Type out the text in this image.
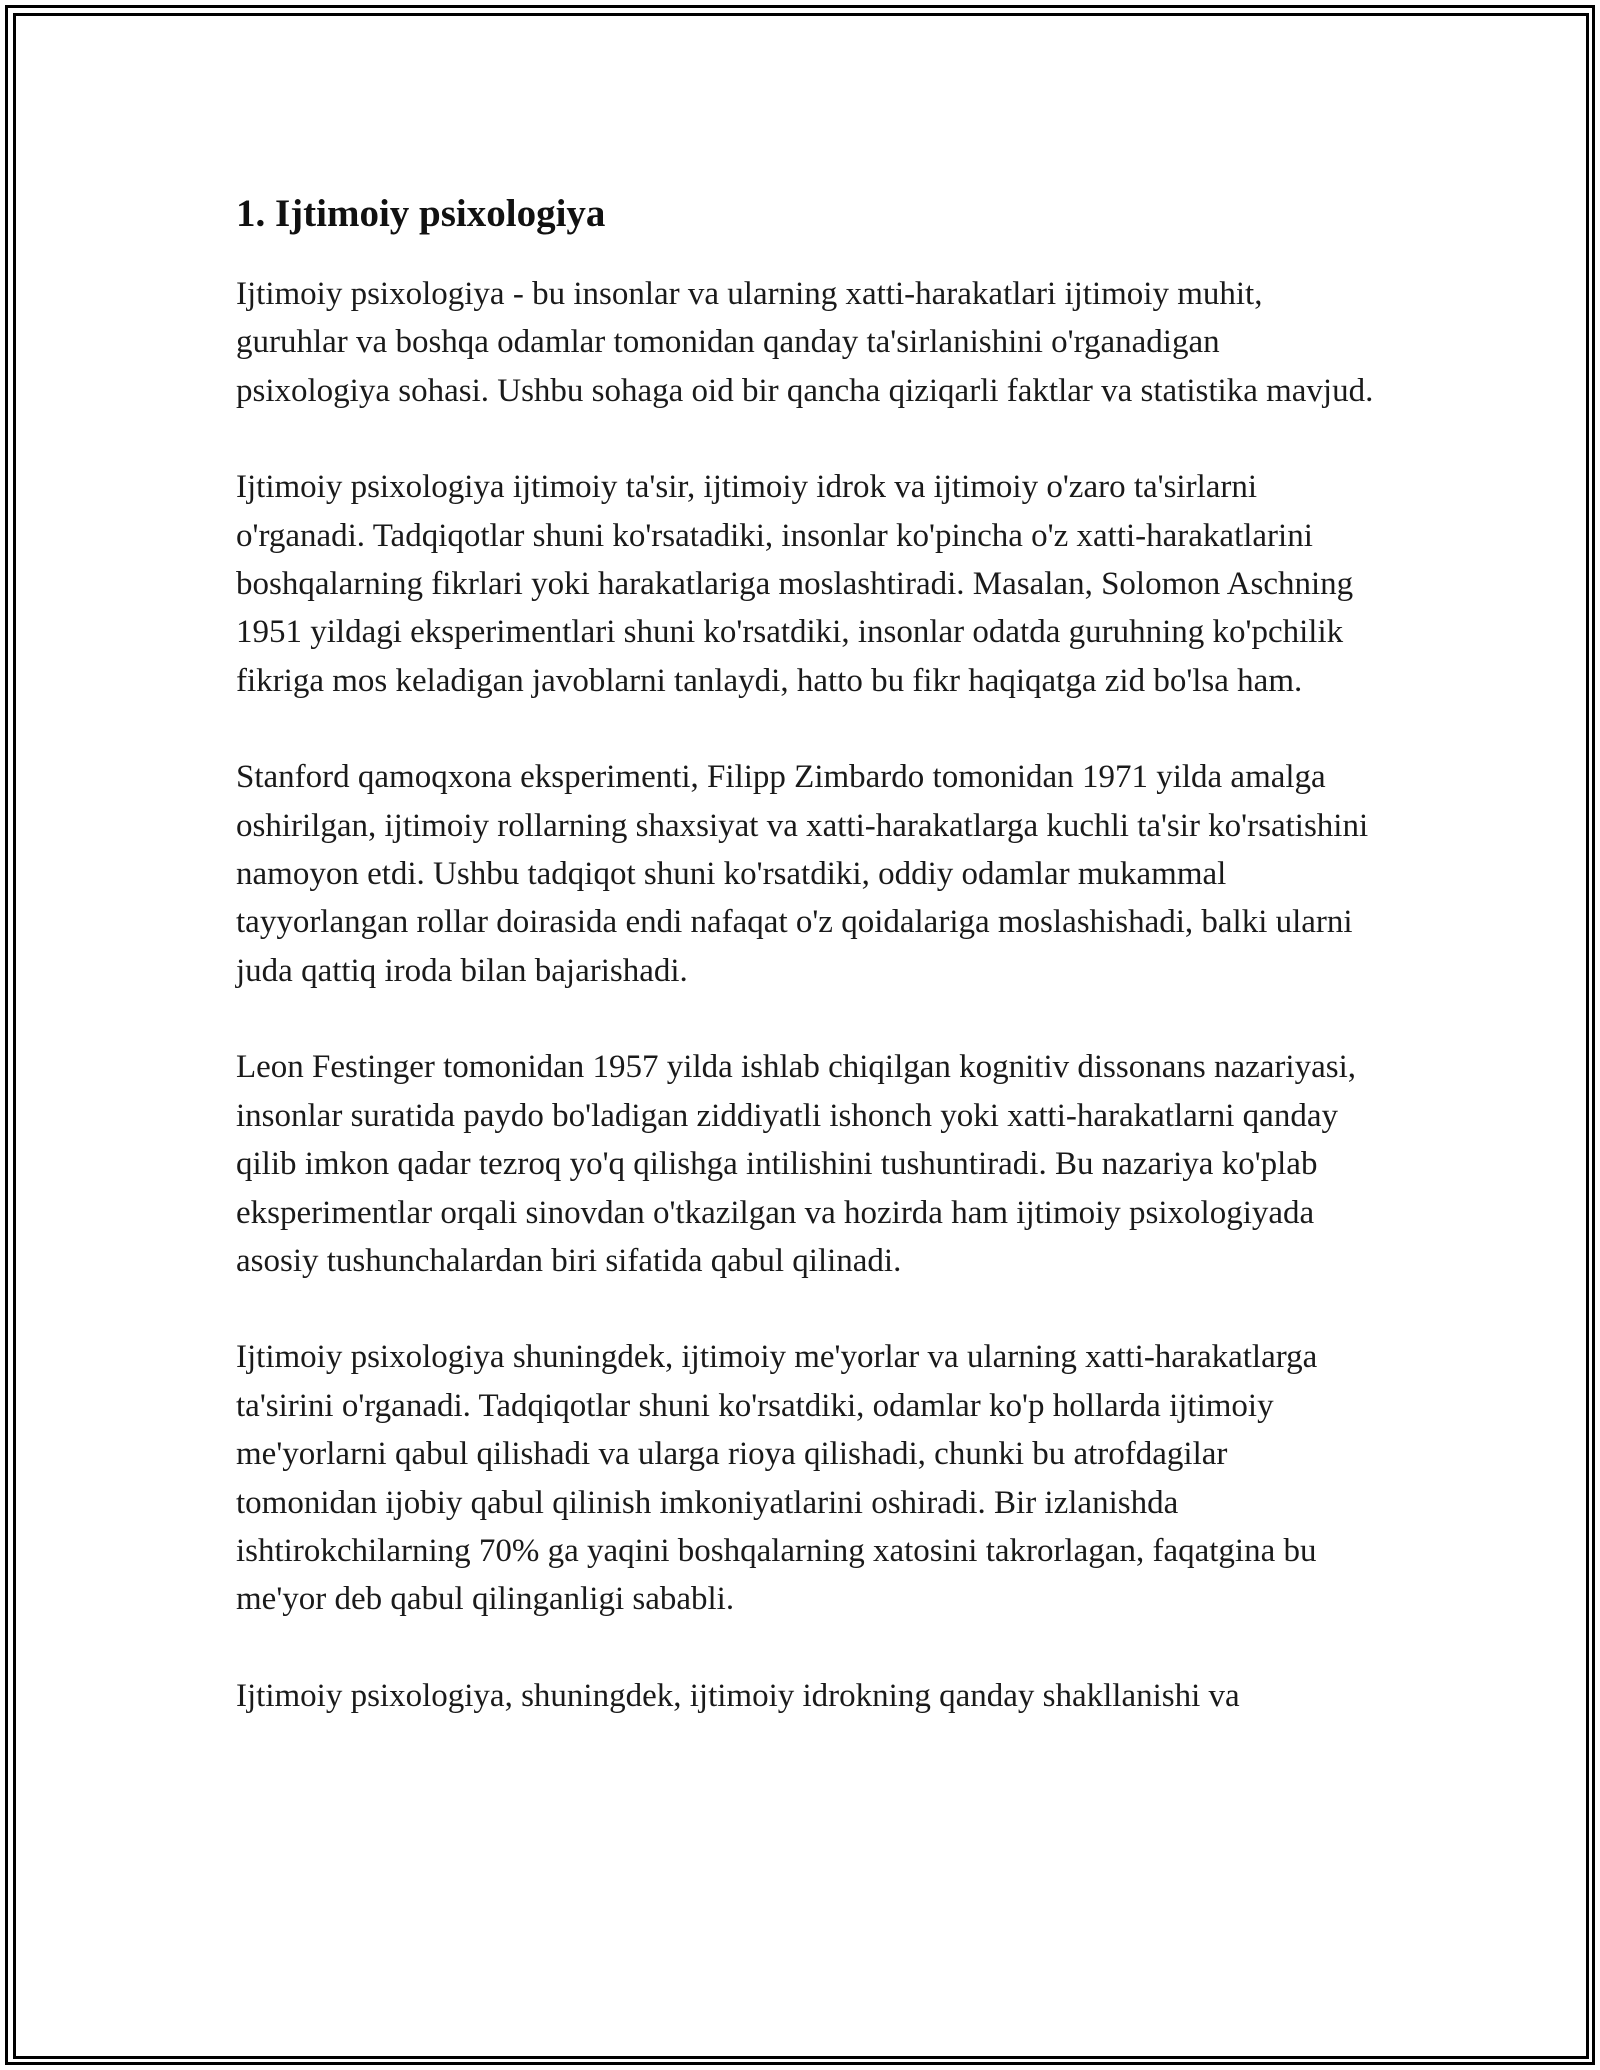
1. Ijtimoiy psixologiya

Ijtimoiy psixologiya - bu insonlar va ularning xatti-harakatlari ijtimoiy muhit, guruhlar va boshqa odamlar tomonidan qanday ta'sirlanishini o'rganadigan psixologiya sohasi. Ushbu sohaga oid bir qancha qiziqarli faktlar va statistika mavjud.

Ijtimoiy psixologiya ijtimoiy ta'sir, ijtimoiy idrok va ijtimoiy o'zaro ta'sirlarni o'rganadi. Tadqiqotlar shuni ko'rsatadiki, insonlar ko'pincha o'z xatti-harakatlarini boshqalarning fikrlari yoki harakatlariga moslashtiradi. Masalan, Solomon Aschning 1951 yildagi eksperimentlari shuni ko'rsatdiki, insonlar odatda guruhning ko'pchilik fikriga mos keladigan javoblarni tanlaydi, hatto bu fikr haqiqatga zid bo'lsa ham.

Stanford qamoqxona eksperimenti, Filipp Zimbardo tomonidan 1971 yilda amalga oshirilgan, ijtimoiy rollarning shaxsiyat va xatti-harakatlarga kuchli ta'sir ko'rsatishini namoyon etdi. Ushbu tadqiqot shuni ko'rsatdiki, oddiy odamlar mukammal tayyorlangan rollar doirasida endi nafaqat o'z qoidalariga moslashishadi, balki ularni juda qattiq iroda bilan bajarishadi.

Leon Festinger tomonidan 1957 yilda ishlab chiqilgan kognitiv dissonans nazariyasi, insonlar suratida paydo bo'ladigan ziddiyatli ishonch yoki xatti-harakatlarni qanday qilib imkon qadar tezroq yo'q qilishga intilishini tushuntiradi. Bu nazariya ko'plab eksperimentlar orqali sinovdan o'tkazilgan va hozirda ham ijtimoiy psixologiyada asosiy tushunchalardan biri sifatida qabul qilinadi.

Ijtimoiy psixologiya shuningdek, ijtimoiy me'yorlar va ularning xatti-harakatlarga ta'sirini o'rganadi. Tadqiqotlar shuni ko'rsatdiki, odamlar ko'p hollarda ijtimoiy me'yorlarni qabul qilishadi va ularga rioya qilishadi, chunki bu atrofdagilar tomonidan ijobiy qabul qilinish imkoniyatlarini oshiradi. Bir izlanishda ishtirokchilarning 70% ga yaqini boshqalarning xatosini takrorlagan, faqatgina bu me'yor deb qabul qilinganligi sababli.

Ijtimoiy psixologiya, shuningdek, ijtimoiy idrokning qanday shakllanishi va
